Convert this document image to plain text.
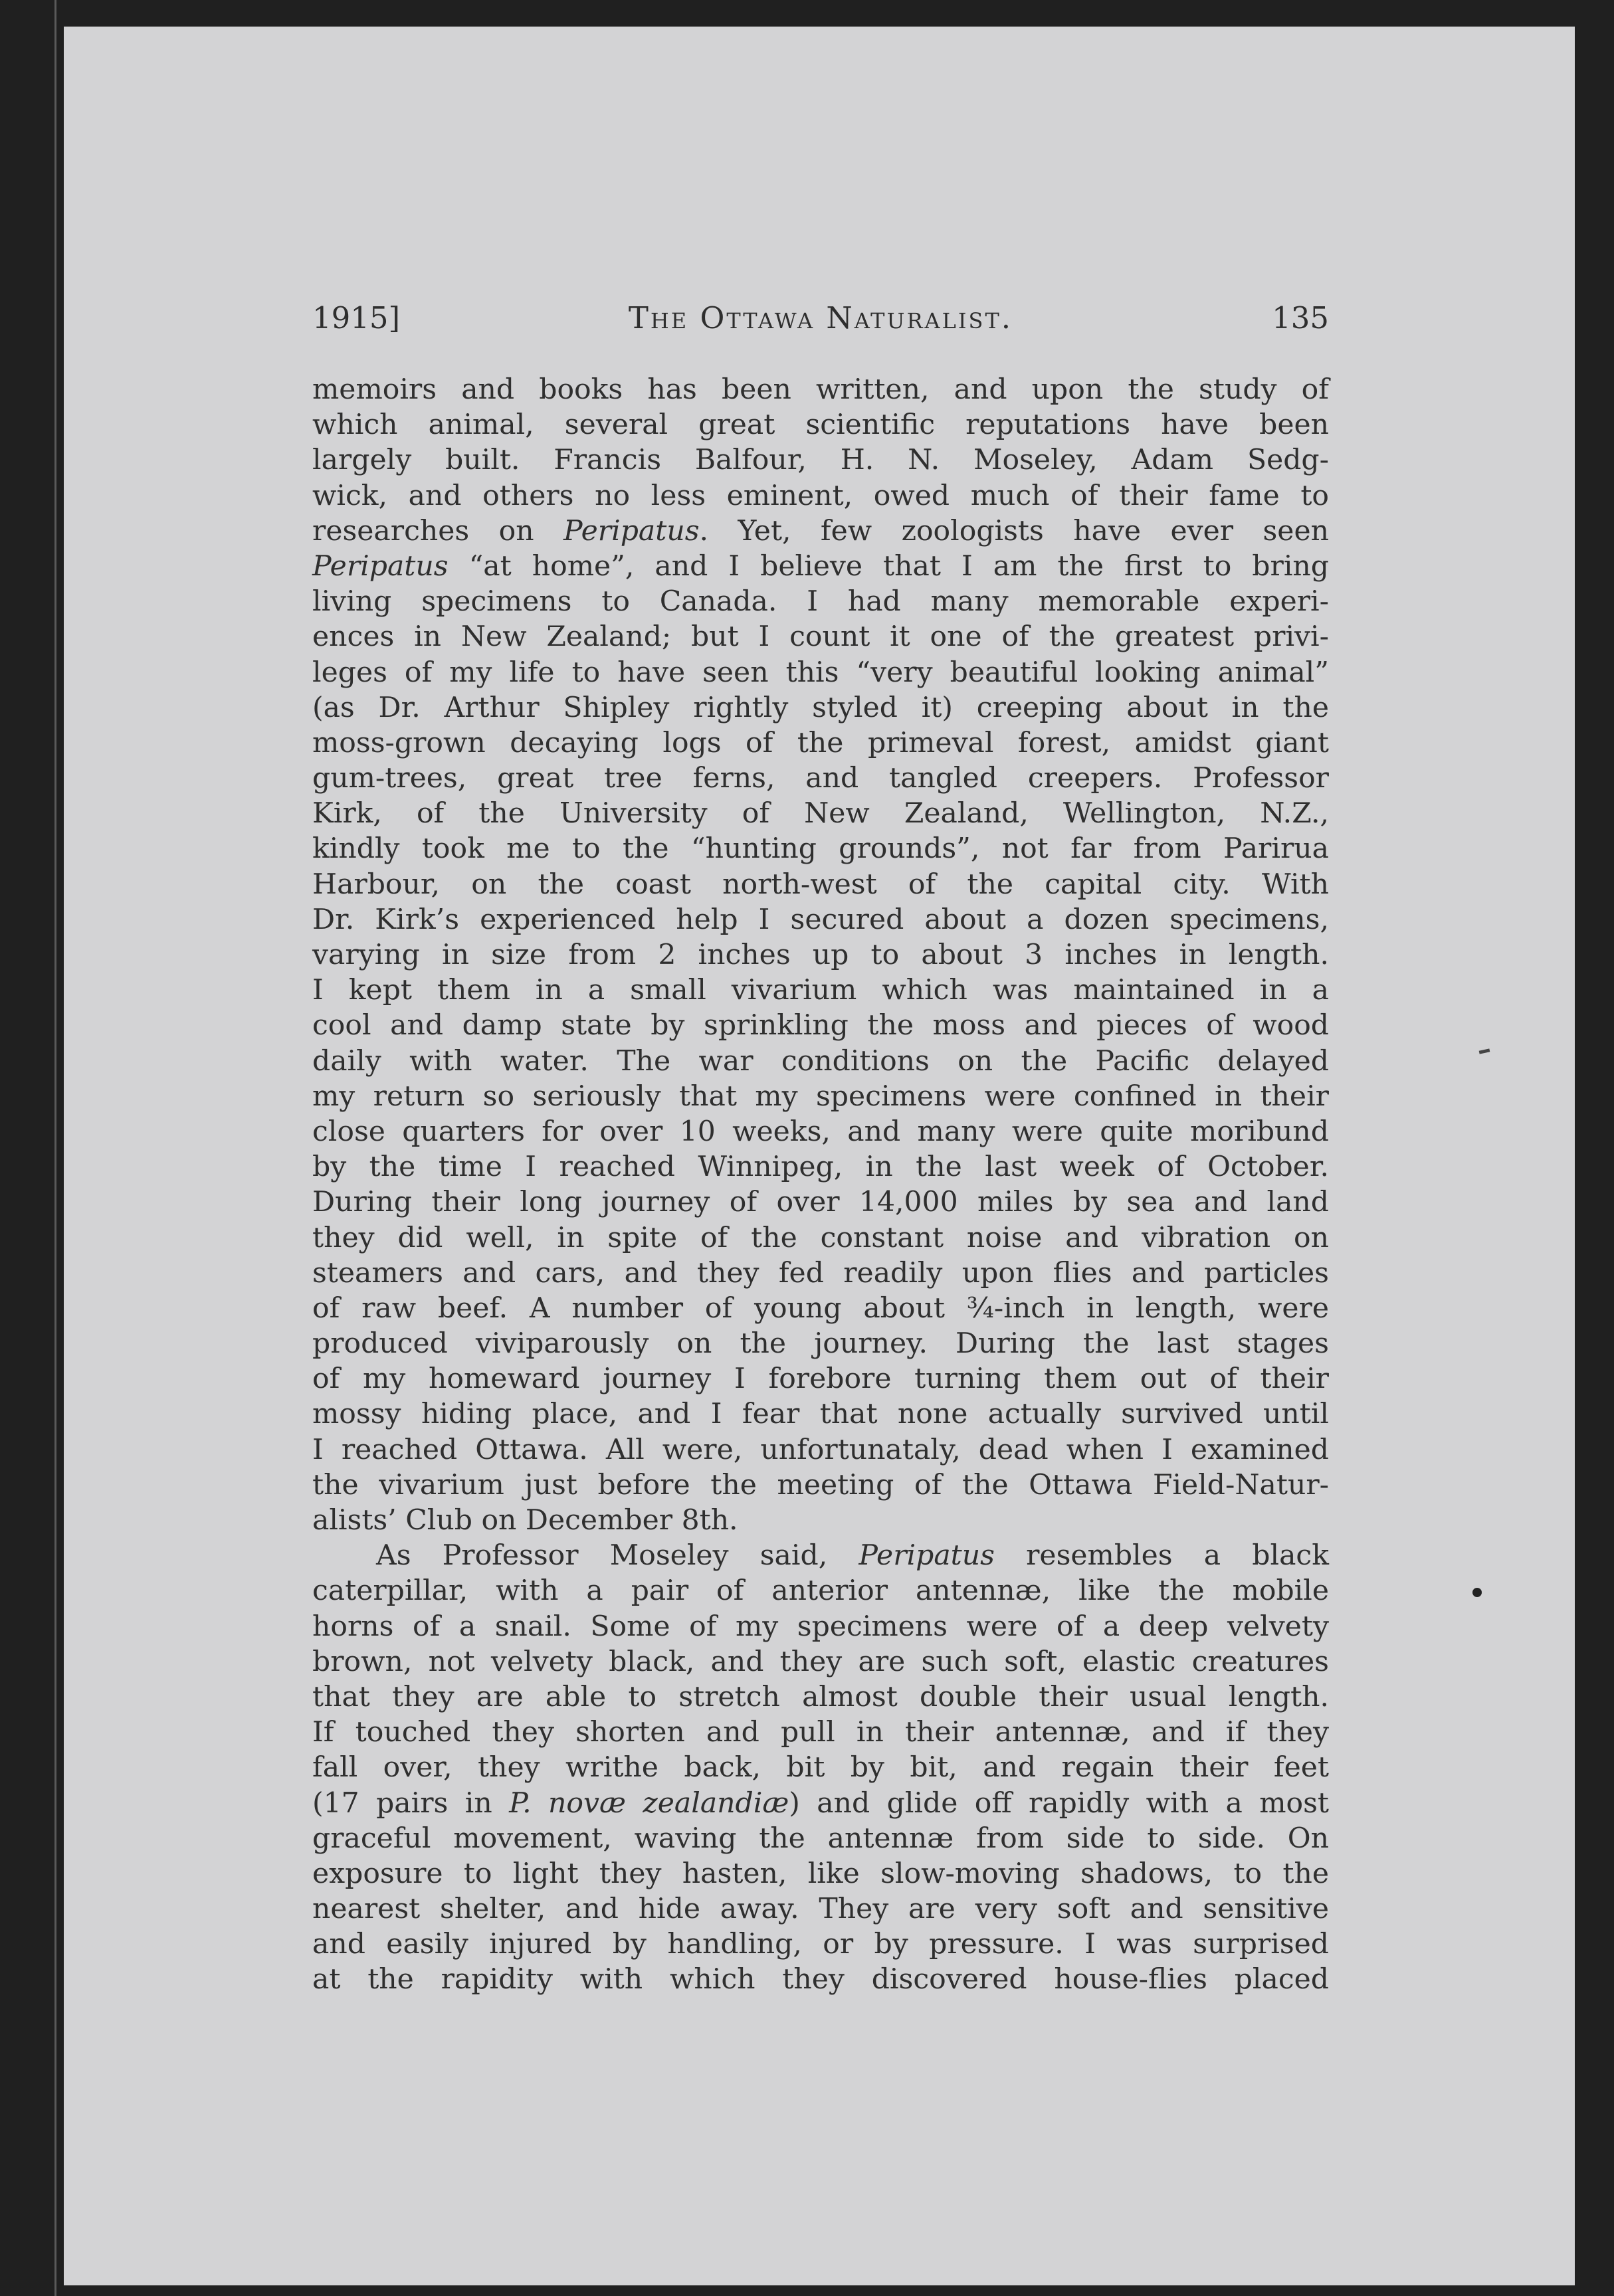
1915]	The Ottawa Naturalist.	135
memoirs and books has been written, and upon the study of
which animal, several great scientific reputations have been
largely built. Francis Balfour, H. N. Moseley, Adam Sedg-
wick, and others no less eminent, owed much of their fame to
researches on Peripatus. Yet, few zoologists have ever seen
Peripatus “at home”, and I believe that I am the first to bring
living specimens to Canada. I had many memorable experi-
ences in New Zealand; but I count it one of the greatest privi-
leges of my life to have seen this “very beautiful looking animal”
(as Dr. Arthur Shipley rightly styled it) creeping about in the
moss-grown decaying logs of the primeval forest, amidst giant
gum-trees, great tree ferns, and tangled creepers. Professor
Kirk, of the University of New Zealand, Wellington, N.Z.,
kindly took me to the “hunting grounds”, not far from Parirua
Harbour, on the coast north-west of the capital city. With
Dr. Kirk’s experienced help I secured about a dozen specimens,
varying in size from 2 inches up to about 3 inches in length.
I kept them in a small vivarium which was maintained in a
cool and damp state by sprinkling the moss and pieces of wood
daily with water. The war conditions on the Pacific delayed
my return so seriously that my specimens were confined in their
close quarters for over 10 weeks, and many were quite moribund
by the time I reached Winnipeg, in the last week of October.
During their long journey of over 14,000 miles by sea and land
they did well, in spite of the constant noise and vibration on
steamers and cars, and they fed readily upon flies and particles
of raw beef. A number of young about ¾-inch in length, were
produced viviparously on the journey. During the last stages
of my homeward journey I forebore turning them out of their
mossy hiding place, and I fear that none actually survived until
I reached Ottawa. All were, unfortunataly, dead when I examined
the vivarium just before the meeting of the Ottawa Field-Natur-
alists’ Club on December 8th.
As Professor Moseley said, Peripatus resembles a black
caterpillar, with a pair of anterior antennæ, like the mobile
horns of a snail. Some of my specimens were of a deep velvety
brown, not velvety black, and they are such soft, elastic creatures
that they are able to stretch almost double their usual length.
If touched they shorten and pull in their antennæ, and if they
fall over, they writhe back, bit by bit, and regain their feet
(17 pairs in P. novæ zealandiæ) and glide off rapidly with a most
graceful movement, waving the antennæ from side to side. On
exposure to light they hasten, like slow-moving shadows, to the
nearest shelter, and hide away. They are very soft and sensitive
and easily injured by handling, or by pressure. I was surprised
at the rapidity with which they discovered house-flies placed
